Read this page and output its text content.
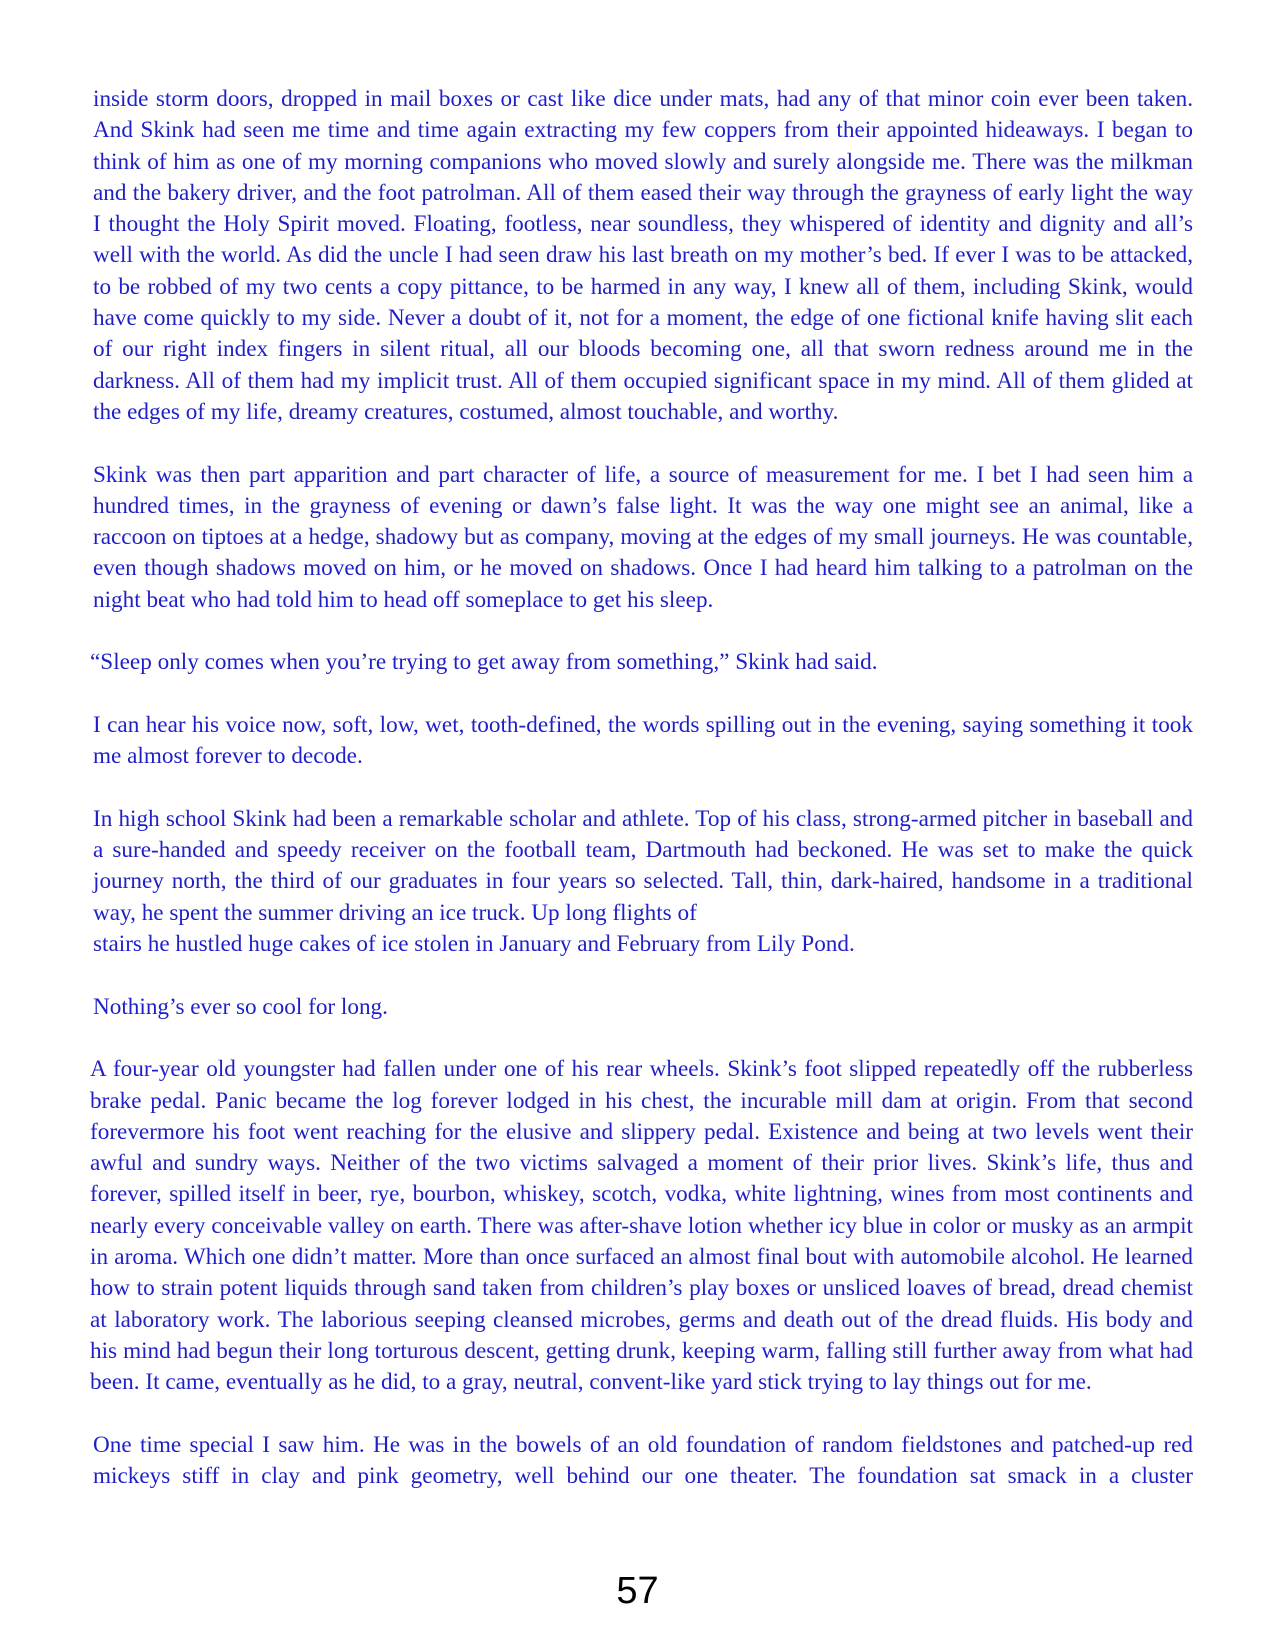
inside storm doors, dropped in mail boxes or cast like dice under mats, had any of that minor coin ever been taken. And Skink had seen me time and time again extracting my few coppers from their appointed hideaways. I began to think of him as one of my morning companions who moved slowly and surely alongside me. There was the milkman and the bakery driver, and the foot patrolman. All of them eased their way through the grayness of early light the way I thought the Holy Spirit moved. Floating, footless, near soundless, they whispered of identity and dignity and all’s well with the world. As did the uncle I had seen draw his last breath on my mother’s bed. If ever I was to be attacked, to be robbed of my two cents a copy pittance, to be harmed in any way, I knew all of them, including Skink, would have come quickly to my side. Never a doubt of it, not for a moment, the edge of one fictional knife having slit each of our right index fingers in silent ritual, all our bloods becoming one, all that sworn redness around me in the darkness. All of them had my implicit trust. All of them occupied significant space in my mind. All of them glided at the edges of my life, dreamy creatures, costumed, almost touchable, and worthy.

Skink was then part apparition and part character of life, a source of measurement for me. I bet I had seen him a hundred times, in the grayness of evening or dawn’s false light. It was the way one might see an animal, like a raccoon on tiptoes at a hedge, shadowy but as company, moving at the edges of my small journeys. He was countable, even though shadows moved on him, or he moved on shadows. Once I had heard him talking to a patrolman on the night beat who had told him to head off someplace to get his sleep.

“Sleep only comes when you’re trying to get away from something,” Skink had said.

I can hear his voice now, soft, low, wet, tooth-defined, the words spilling out in the evening, saying something it took me almost forever to decode.

In high school Skink had been a remarkable scholar and athlete. Top of his class, strong-armed pitcher in baseball and a sure-handed and speedy receiver on the football team, Dartmouth had beckoned. He was set to make the quick journey north, the third of our graduates in four years so selected. Tall, thin, dark-haired, handsome in a traditional way, he spent the summer driving an ice truck. Up long flights of

stairs he hustled huge cakes of ice stolen in January and February from Lily Pond.

Nothing’s ever so cool for long.

A four-year old youngster had fallen under one of his rear wheels. Skink’s foot slipped repeatedly off the rubberless brake pedal. Panic became the log forever lodged in his chest, the incurable mill dam at origin. From that second forevermore his foot went reaching for the elusive and slippery pedal. Existence and being at two levels went their awful and sundry ways. Neither of the two victims salvaged a moment of their prior lives. Skink’s life, thus and forever, spilled itself in beer, rye, bourbon, whiskey, scotch, vodka, white lightning, wines from most continents and nearly every conceivable valley on earth. There was after-shave lotion whether icy blue in color or musky as an armpit in aroma. Which one didn’t matter. More than once surfaced an almost final bout with automobile alcohol. He learned how to strain potent liquids through sand taken from children’s play boxes or unsliced loaves of bread, dread chemist at laboratory work. The laborious seeping cleansed microbes, germs and death out of the dread fluids. His body and his mind had begun their long torturous descent, getting drunk, keeping warm, falling still further away from what had been. It came, eventually as he did, to a gray, neutral, convent-like yard stick trying to lay things out for me.

One time special I saw him. He was in the bowels of an old foundation of random fieldstones and patched-up red mickeys stiff in clay and pink geometry, well behind our one theater. The foundation sat smack in a cluster

57
